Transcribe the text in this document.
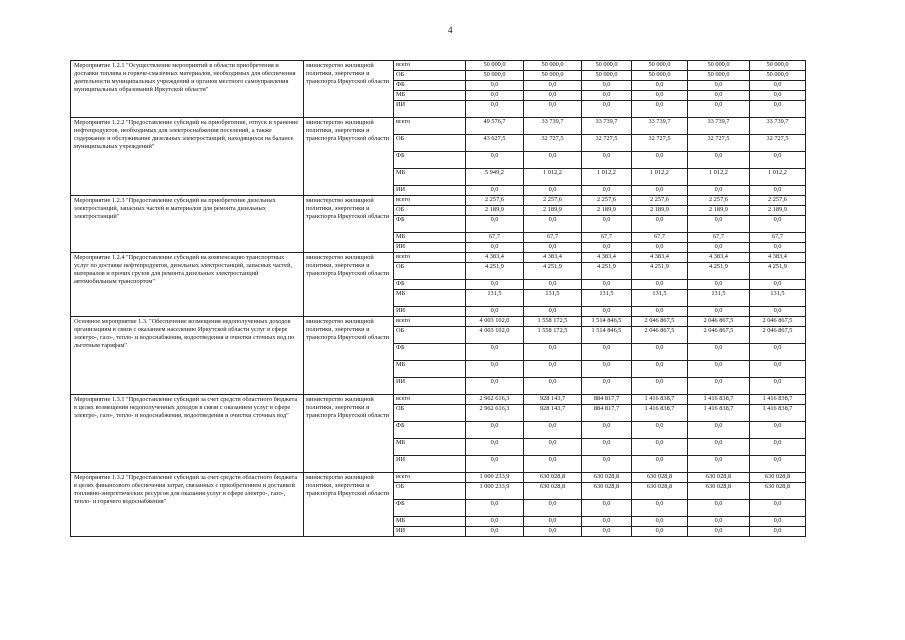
4
Мероприятие 1.2.1 "Осуществление мероприятий в области приобретения и доставки топлива и горюче-смазочных материалов, необходимых для обеспечения деятельности муниципальных учреждений и органов местного самоуправления муниципальных образований Иркутской области"	министерство жилищной политики, энергетики и транспорта Иркутской области	всего	50 000,0	50 000,0	50 000,0	50 000,0	50 000,0	50 000,0
		ОБ	50 000,0	50 000,0	50 000,0	50 000,0	50 000,0	50 000,0
		ФБ	0,0	0,0	0,0	0,0	0,0	0,0
		МБ	0,0	0,0	0,0	0,0	0,0	0,0
		ИИ	0,0	0,0	0,0	0,0	0,0	0,0
Мероприятие 1.2.2 "Предоставление субсидий на приобретение, отпуск и хранение нефтепродуктов, необходимых для электроснабжения поселений, а также содержание и обслуживание дизельных электростанций, находящихся на балансе муниципальных учреждений"	министерство жилищной политики, энергетики и транспорта Иркутской области	всего	49 576,7	33 739,7	33 739,7	33 739,7	33 739,7	33 739,7
		ОБ	43 627,5	32 727,5	32 727,5	32 727,5	32 727,5	32 727,5
		ФБ	0,0	0,0	0,0	0,0	0,0	0,0
		МБ	5 949,2	1 012,2	1 012,2	1 012,2	1 012,2	1 012,2
		ИИ	0,0	0,0	0,0	0,0	0,0	0,0
Мероприятие 1.2.3 "Предоставление субсидий на приобретение дизельных электростанций, запасных частей и материалов для ремонта дизельных электростанций"	министерство жилищной политики, энергетики и транспорта Иркутской области	всего	2 257,6	2 257,6	2 257,6	2 257,6	2 257,6	2 257,6
		ОБ	2 189,9	2 189,9	2 189,9	2 189,9	2 189,9	2 189,9
		ФБ	0,0	0,0	0,0	0,0	0,0	0,0
		МБ	67,7	67,7	67,7	67,7	67,7	67,7
		ИИ	0,0	0,0	0,0	0,0	0,0	0,0
Мероприятие 1.2.4 "Предоставление субсидий на компенсацию транспортных услуг по доставке нефтепродуктов, дизельных электростанций, запасных частей, материалов и прочих грузов для ремонта дизельных электростанций автомобильным транспортом"	министерство жилищной политики, энергетики и транспорта Иркутской области	всего	4 383,4	4 383,4	4 383,4	4 383,4	4 383,4	4 383,4
		ОБ	4 251,9	4 251,9	4 251,9	4 251,9	4 251,9	4 251,9
		ФБ	0,0	0,0	0,0	0,0	0,0	0,0
		МБ	131,5	131,5	131,5	131,5	131,5	131,5
		ИИ	0,0	0,0	0,0	0,0	0,0	0,0
Основное мероприятие 1.3. "Обеспечение возмещения недополученных доходов организациям в связи с оказанием населению Иркутской области услуг в сфере электро-, газо-, тепло- и водоснабжения, водоотведения и очистки сточных вод по льготным тарифам"	министерство жилищной политики, энергетики и транспорта Иркутской области	всего	4 003 102,0	1 558 172,5	1 514 846,5	2 046 867,5	2 046 867,5	2 046 867,5
		ОБ	4 003 102,0	1 558 172,5	1 514 846,5	2 046 867,5	2 046 867,5	2 046 867,5
		ФБ	0,0	0,0	0,0	0,0	0,0	0,0
		МБ	0,0	0,0	0,0	0,0	0,0	0,0
		ИИ	0,0	0,0	0,0	0,0	0,0	0,0
Мероприятие 1.3.1 "Предоставление субсидий за счет средств областного бюджета в целях возмещения недополученных доходов в связи с оказанием услуг в сфере электро-, газо-, тепло- и водоснабжения, водоотведения и очистки сточных вод"	министерство жилищной политики, энергетики и транспорта Иркутской области	всего	2 962 616,3	928 143,7	884 817,7	1 416 838,7	1 416 838,7	1 416 838,7
		ОБ	2 962 616,3	928 143,7	884 817,7	1 416 838,7	1 416 838,7	1 416 838,7
		ФБ	0,0	0,0	0,0	0,0	0,0	0,0
		МБ	0,0	0,0	0,0	0,0	0,0	0,0
		ИИ	0,0	0,0	0,0	0,0	0,0	0,0
Мероприятие 1.3.2 "Предоставление субсидий за счет средств областного бюджета в целях финансового обеспечения затрат, связанных с приобретением и доставкой топливно-энергетических ресурсов для оказания услуг в сфере электро-, газо-, тепло- и горячего водоснабжения"	министерство жилищной политики, энергетики и транспорта Иркутской области	всего	1 000 233,9	630 028,8	630 028,8	630 028,8	630 028,8	630 028,8
		ОБ	1 000 233,9	630 028,8	630 028,8	630 028,8	630 028,8	630 028,8
		ФБ	0,0	0,0	0,0	0,0	0,0	0,0
		МБ	0,0	0,0	0,0	0,0	0,0	0,0
		ИИ	0,0	0,0	0,0	0,0	0,0	0,0
